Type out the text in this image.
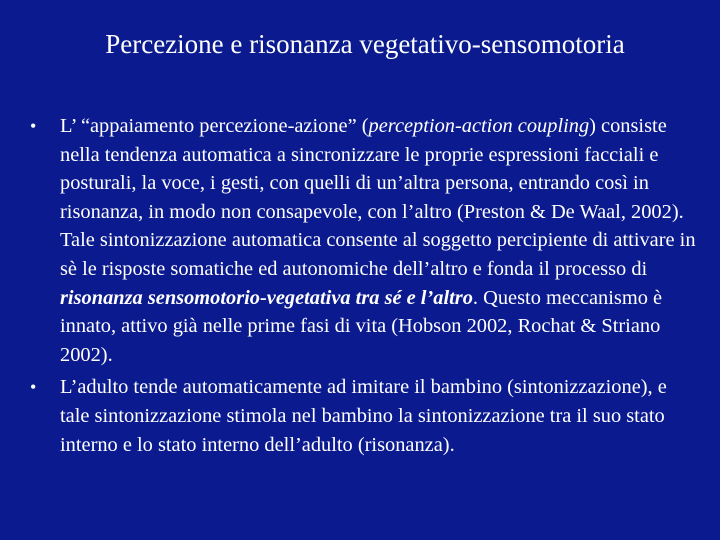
Percezione e risonanza vegetativo-sensomotoria
•	L’ “appaiamento percezione-azione” (perception-action coupling) consiste nella tendenza automatica a sincronizzare le proprie espressioni facciali e posturali, la voce, i gesti, con quelli di un’altra persona, entrando così in risonanza, in modo non consapevole, con l’altro (Preston & De Waal, 2002). Tale sintonizzazione automatica consente al soggetto percipiente di attivare in sè le risposte somatiche ed autonomiche dell’altro e fonda il processo di risonanza sensomotorio-vegetativa tra sé e l’altro. Questo meccanismo è innato, attivo già nelle prime fasi di vita (Hobson 2002, Rochat & Striano 2002).
•	L’adulto tende automaticamente ad imitare il bambino (sintonizzazione), e tale sintonizzazione stimola nel bambino la sintonizzazione tra il suo stato interno e lo stato interno dell’adulto (risonanza).
